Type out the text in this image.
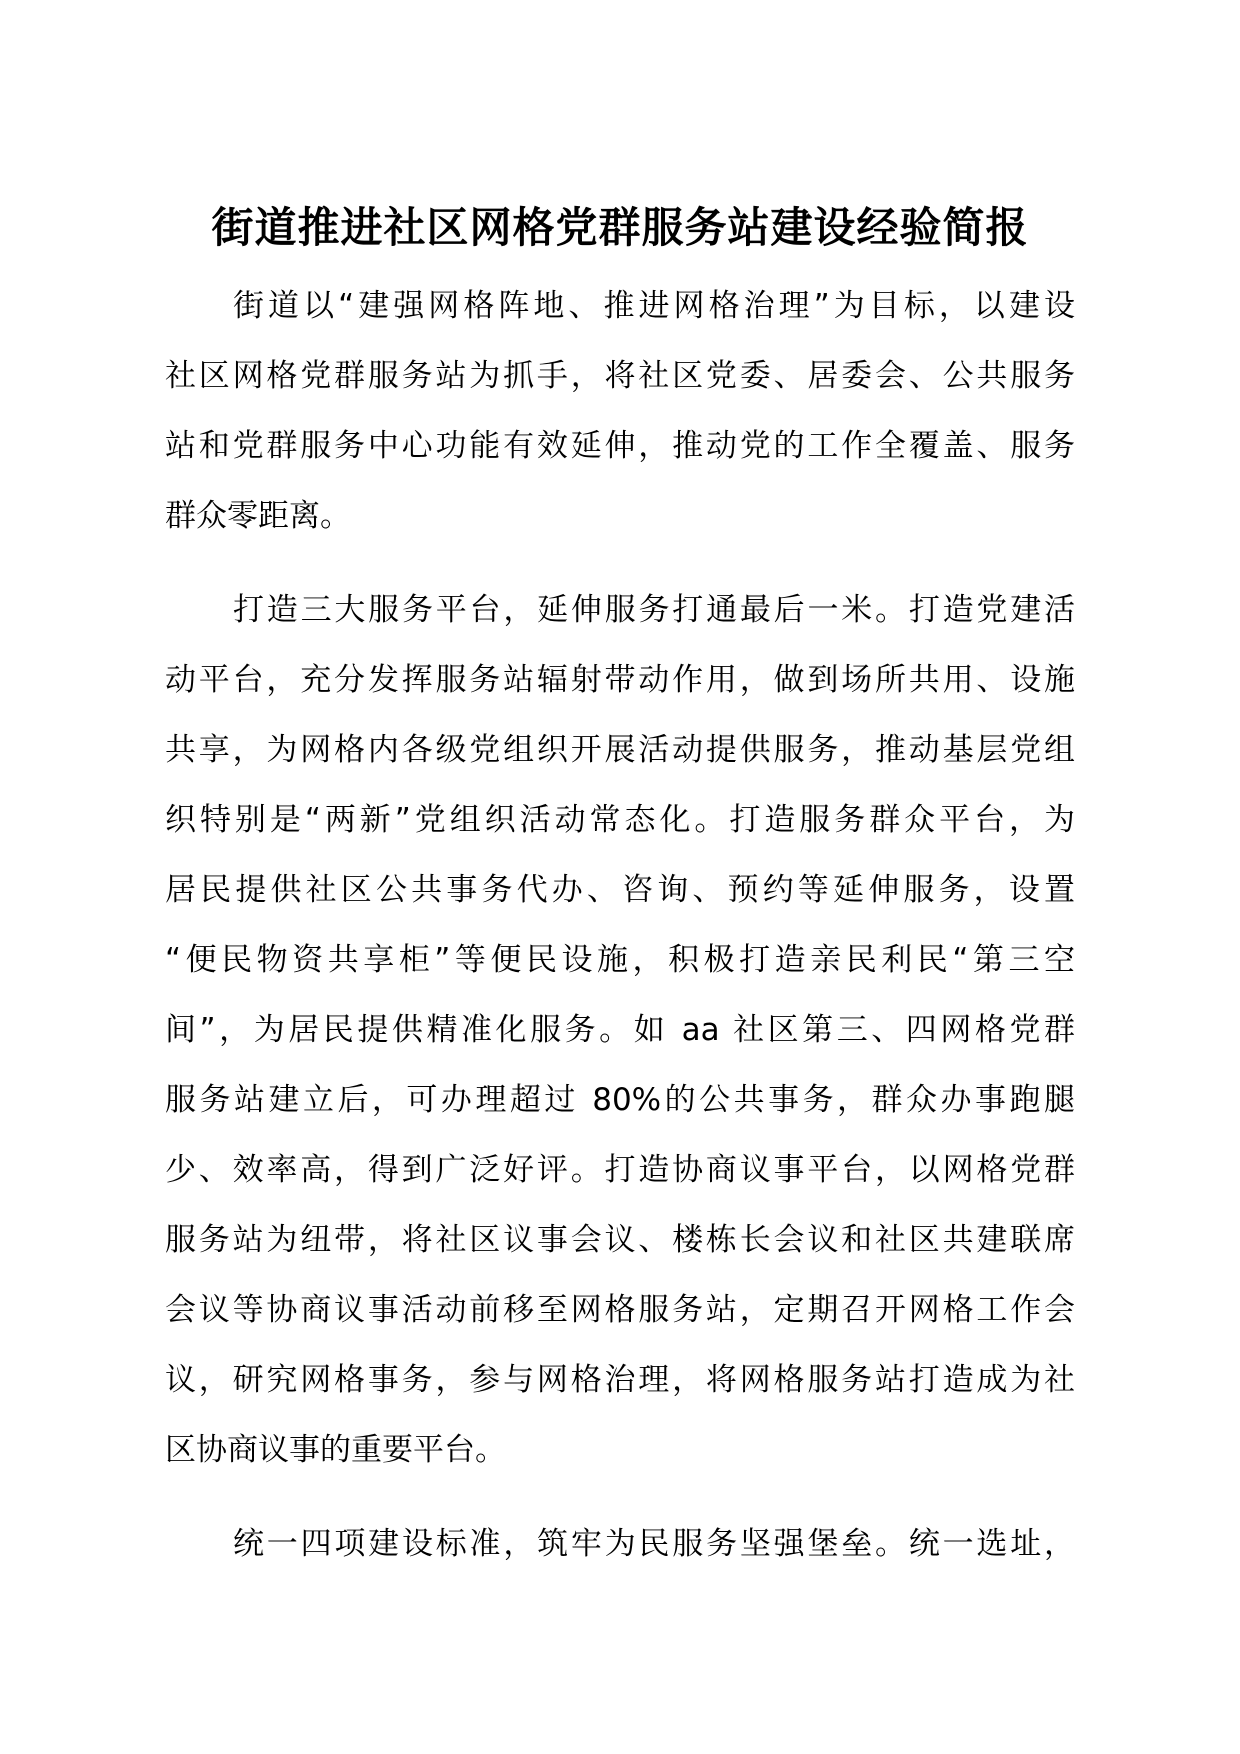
街道推进社区网格党群服务站建设经验简报

街道以“建强网格阵地、推进网格治理”为目标，以建设
社区网格党群服务站为抓手，将社区党委、居委会、公共服务
站和党群服务中心功能有效延伸，推动党的工作全覆盖、服务
群众零距离。

打造三大服务平台，延伸服务打通最后一米。打造党建活
动平台，充分发挥服务站辐射带动作用，做到场所共用、设施
共享，为网格内各级党组织开展活动提供服务，推动基层党组
织特别是“两新”党组织活动常态化。打造服务群众平台，为
居民提供社区公共事务代办、咨询、预约等延伸服务，设置
“便民物资共享柜”等便民设施，积极打造亲民利民“第三空
间”，为居民提供精准化服务。如 aa 社区第三、四网格党群
服务站建立后，可办理超过 80%的公共事务，群众办事跑腿
少、效率高，得到广泛好评。打造协商议事平台，以网格党群
服务站为纽带，将社区议事会议、楼栋长会议和社区共建联席
会议等协商议事活动前移至网格服务站，定期召开网格工作会
议，研究网格事务，参与网格治理，将网格服务站打造成为社
区协商议事的重要平台。

统一四项建设标准，筑牢为民服务坚强堡垒。统一选址，
